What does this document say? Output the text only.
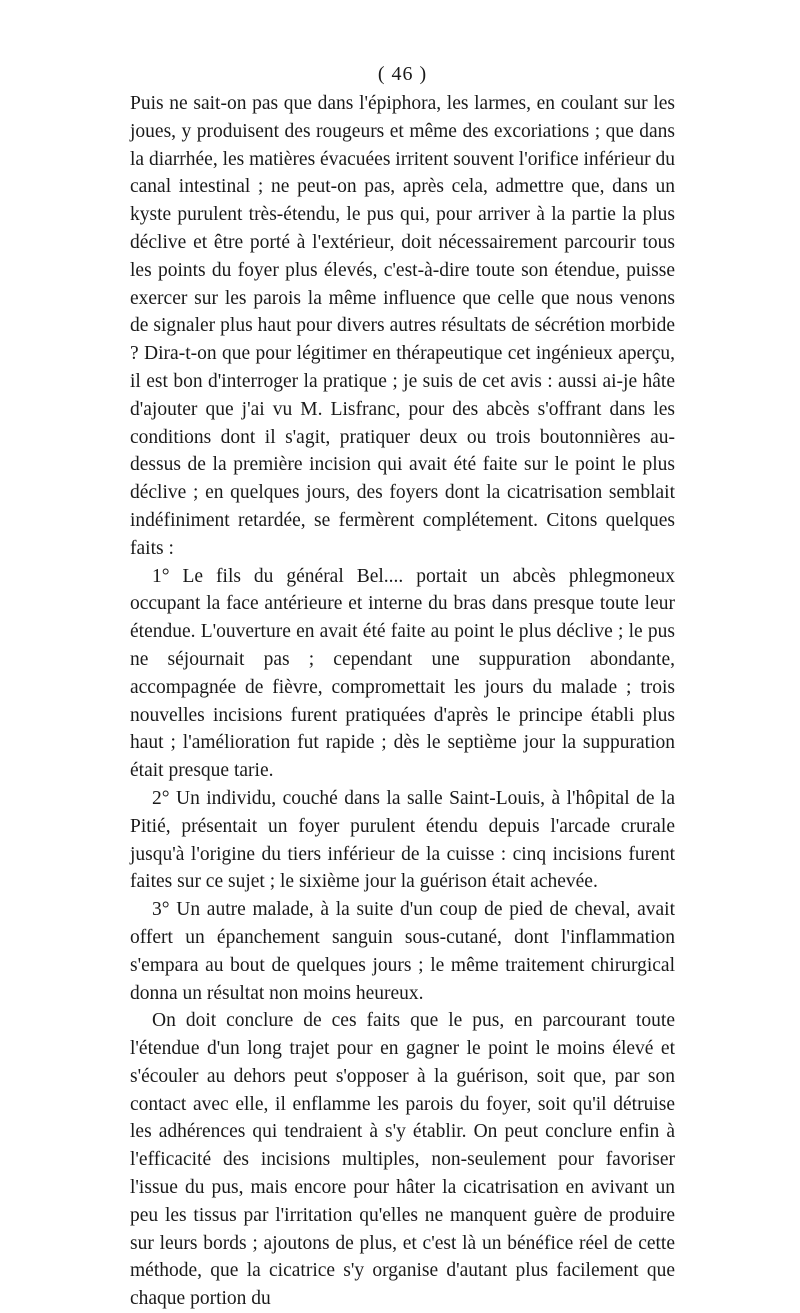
( 46 )

Puis ne sait-on pas que dans l'épiphora, les larmes, en coulant sur les joues, y produisent des rougeurs et même des excoriations ; que dans la diarrhée, les matières évacuées irritent souvent l'orifice inférieur du canal intestinal ; ne peut-on pas, après cela, admettre que, dans un kyste purulent très-étendu, le pus qui, pour arriver à la partie la plus déclive et être porté à l'extérieur, doit nécessairement parcourir tous les points du foyer plus élevés, c'est-à-dire toute son étendue, puisse exercer sur les parois la même influence que celle que nous venons de signaler plus haut pour divers autres résultats de sécrétion morbide ? Dira-t-on que pour légitimer en thérapeutique cet ingénieux aperçu, il est bon d'interroger la pratique ; je suis de cet avis : aussi ai-je hâte d'ajouter que j'ai vu M. Lisfranc, pour des abcès s'offrant dans les conditions dont il s'agit, pratiquer deux ou trois boutonnières au-dessus de la première incision qui avait été faite sur le point le plus déclive ; en quelques jours, des foyers dont la cicatrisation semblait indéfiniment retardée, se fermèrent complétement. Citons quelques faits :

1° Le fils du général Bel.... portait un abcès phlegmoneux occupant la face antérieure et interne du bras dans presque toute leur étendue. L'ouverture en avait été faite au point le plus déclive ; le pus ne séjournait pas ; cependant une suppuration abondante, accompagnée de fièvre, compromettait les jours du malade ; trois nouvelles incisions furent pratiquées d'après le principe établi plus haut ; l'amélioration fut rapide ; dès le septième jour la suppuration était presque tarie.

2° Un individu, couché dans la salle Saint-Louis, à l'hôpital de la Pitié, présentait un foyer purulent étendu depuis l'arcade crurale jusqu'à l'origine du tiers inférieur de la cuisse : cinq incisions furent faites sur ce sujet ; le sixième jour la guérison était achevée.

3° Un autre malade, à la suite d'un coup de pied de cheval, avait offert un épanchement sanguin sous-cutané, dont l'inflammation s'empara au bout de quelques jours ; le même traitement chirurgical donna un résultat non moins heureux.

On doit conclure de ces faits que le pus, en parcourant toute l'étendue d'un long trajet pour en gagner le point le moins élevé et s'écouler au dehors peut s'opposer à la guérison, soit que, par son contact avec elle, il enflamme les parois du foyer, soit qu'il détruise les adhérences qui tendraient à s'y établir. On peut conclure enfin à l'efficacité des incisions multiples, non-seulement pour favoriser l'issue du pus, mais encore pour hâter la cicatrisation en avivant un peu les tissus par l'irritation qu'elles ne manquent guère de produire sur leurs bords ; ajoutons de plus, et c'est là un bénéfice réel de cette méthode, que la cicatrice s'y organise d'autant plus facilement que chaque portion du
